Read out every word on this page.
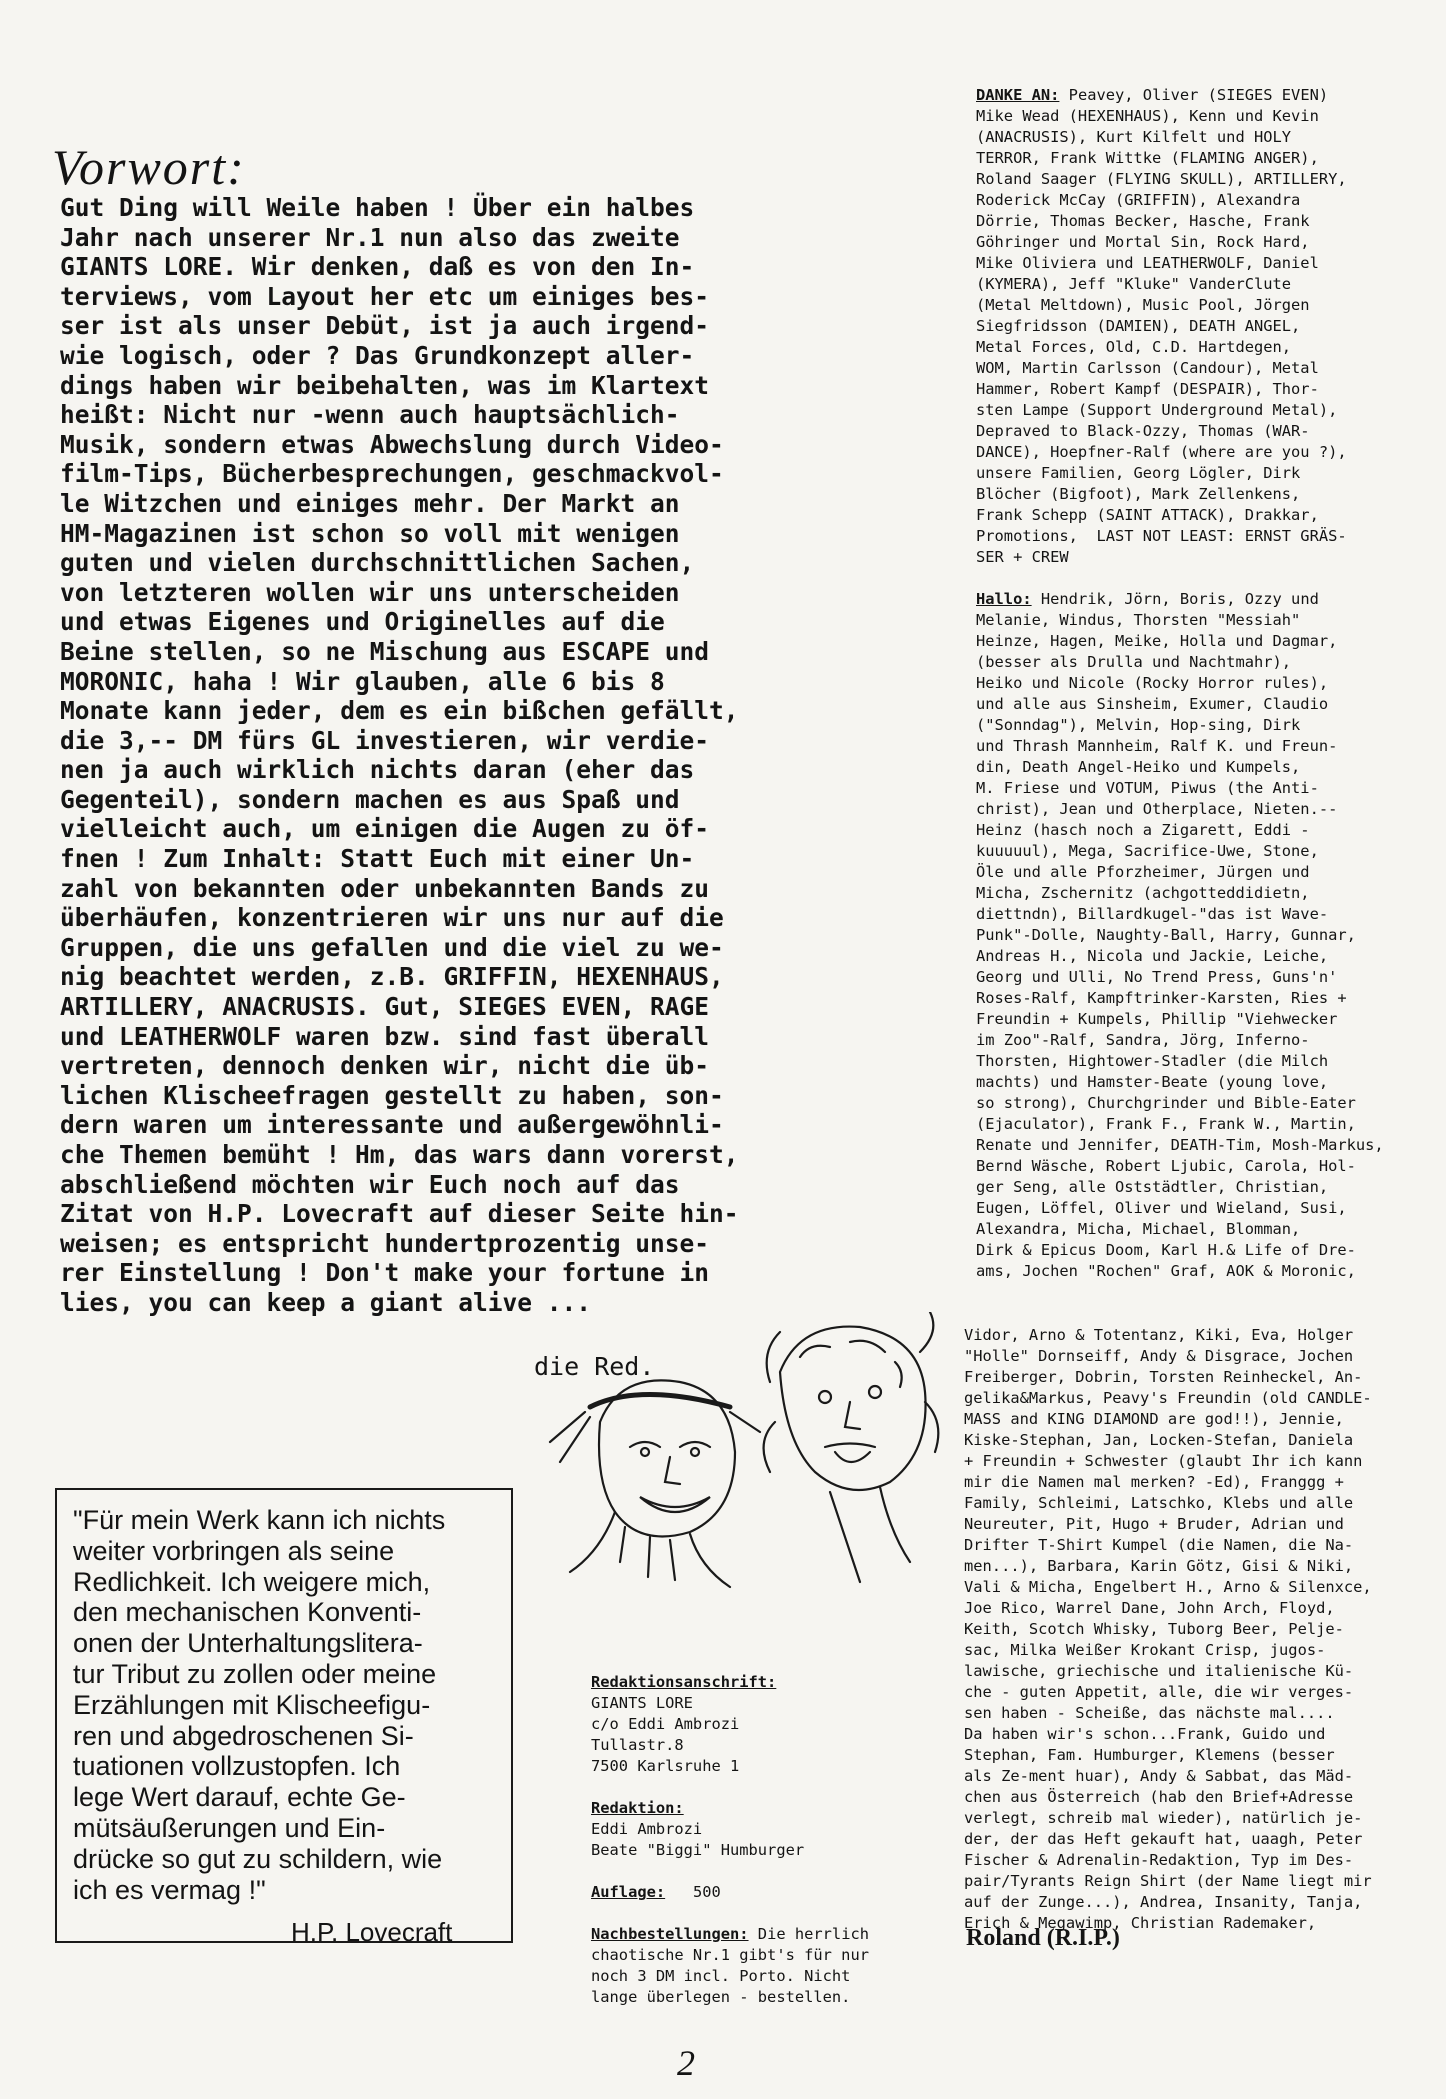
Vorwort:
Gut Ding will Weile haben ! Über ein halbes
Jahr nach unserer Nr.1 nun also das zweite
GIANTS LORE. Wir denken, daß es von den In-
terviews, vom Layout her etc um einiges bes-
ser ist als unser Debüt, ist ja auch irgend-
wie logisch, oder ? Das Grundkonzept aller-
dings haben wir beibehalten, was im Klartext
heißt: Nicht nur -wenn auch hauptsächlich-
Musik, sondern etwas Abwechslung durch Video-
film-Tips, Bücherbesprechungen, geschmackvol-
le Witzchen und einiges mehr. Der Markt an
HM-Magazinen ist schon so voll mit wenigen
guten und vielen durchschnittlichen Sachen,
von letzteren wollen wir uns unterscheiden
und etwas Eigenes und Originelles auf die
Beine stellen, so ne Mischung aus ESCAPE und
MORONIC, haha ! Wir glauben, alle 6 bis 8
Monate kann jeder, dem es ein bißchen gefällt,
die 3,-- DM fürs GL investieren, wir verdie-
nen ja auch wirklich nichts daran (eher das
Gegenteil), sondern machen es aus Spaß und
vielleicht auch, um einigen die Augen zu öf-
fnen ! Zum Inhalt: Statt Euch mit einer Un-
zahl von bekannten oder unbekannten Bands zu
überhäufen, konzentrieren wir uns nur auf die
Gruppen, die uns gefallen und die viel zu we-
nig beachtet werden, z.B. GRIFFIN, HEXENHAUS,
ARTILLERY, ANACRUSIS. Gut, SIEGES EVEN, RAGE
und LEATHERWOLF waren bzw. sind fast überall
vertreten, dennoch denken wir, nicht die üb-
lichen Klischeefragen gestellt zu haben, son-
dern waren um interessante und außergewöhnli-
che Themen bemüht ! Hm, das wars dann vorerst,
abschließend möchten wir Euch noch auf das
Zitat von H.P. Lovecraft auf dieser Seite hin-
weisen; es entspricht hundertprozentig unse-
rer Einstellung ! Don't make your fortune in
lies, you can keep a giant alive ...
die Red.
"Für mein Werk kann ich nichts
weiter vorbringen als seine
Redlichkeit. Ich weigere mich,
den mechanischen Konventi-
onen der Unterhaltungslitera-
tur Tribut zu zollen oder meine
Erzählungen mit Klischeefigu-
ren und abgedroschenen Si-
tuationen vollzustopfen. Ich
lege Wert darauf, echte Ge-
mütsäußerungen und Ein-
drücke so gut zu schildern, wie
ich es vermag !"
H.P. Lovecraft
DANKE AN: Peavey, Oliver (SIEGES EVEN)
Mike Wead (HEXENHAUS), Kenn und Kevin
(ANACRUSIS), Kurt Kilfelt und HOLY
TERROR, Frank Wittke (FLAMING ANGER),
Roland Saager (FLYING SKULL), ARTILLERY,
Roderick McCay (GRIFFIN), Alexandra
Dörrie, Thomas Becker, Hasche, Frank
Göhringer und Mortal Sin, Rock Hard,
Mike Oliviera und LEATHERWOLF, Daniel
(KYMERA), Jeff "Kluke" VanderClute
(Metal Meltdown), Music Pool, Jörgen
Siegfridsson (DAMIEN), DEATH ANGEL,
Metal Forces, Old, C.D. Hartdegen,
WOM, Martin Carlsson (Candour), Metal
Hammer, Robert Kampf (DESPAIR), Thor-
sten Lampe (Support Underground Metal),
Depraved to Black-Ozzy, Thomas (WAR-
DANCE), Hoepfner-Ralf (where are you ?),
unsere Familien, Georg Lögler, Dirk
Blöcher (Bigfoot), Mark Zellenkens,
Frank Schepp (SAINT ATTACK), Drakkar,
Promotions,  LAST NOT LEAST: ERNST GRÄS-
SER + CREW

Hallo: Hendrik, Jörn, Boris, Ozzy und
Melanie, Windus, Thorsten "Messiah"
Heinze, Hagen, Meike, Holla und Dagmar,
(besser als Drulla und Nachtmahr),
Heiko und Nicole (Rocky Horror rules),
und alle aus Sinsheim, Exumer, Claudio
("Sonndag"), Melvin, Hop-sing, Dirk
und Thrash Mannheim, Ralf K. und Freun-
din, Death Angel-Heiko und Kumpels,
M. Friese und VOTUM, Piwus (the Anti-
christ), Jean und Otherplace, Nieten.--
Heinz (hasch noch a Zigarett, Eddi -
kuuuuul), Mega, Sacrifice-Uwe, Stone,
Öle und alle Pforzheimer, Jürgen und
Micha, Zschernitz (achgotteddidietn,
diettndn), Billardkugel-"das ist Wave-
Punk"-Dolle, Naughty-Ball, Harry, Gunnar,
Andreas H., Nicola und Jackie, Leiche,
Georg und Ulli, No Trend Press, Guns'n'
Roses-Ralf, Kampftrinker-Karsten, Ries +
Freundin + Kumpels, Phillip "Viehwecker
im Zoo"-Ralf, Sandra, Jörg, Inferno-
Thorsten, Hightower-Stadler (die Milch
machts) und Hamster-Beate (young love,
so strong), Churchgrinder und Bible-Eater
(Ejaculator), Frank F., Frank W., Martin,
Renate und Jennifer, DEATH-Tim, Mosh-Markus,
Bernd Wäsche, Robert Ljubic, Carola, Hol-
ger Seng, alle Oststädtler, Christian,
Eugen, Löffel, Oliver und Wieland, Susi,
Alexandra, Micha, Michael, Blomman,
Dirk & Epicus Doom, Karl H.& Life of Dre-
ams, Jochen "Rochen" Graf, AOK & Moronic,
Vidor, Arno & Totentanz, Kiki, Eva, Holger
"Holle" Dornseiff, Andy & Disgrace, Jochen
Freiberger, Dobrin, Torsten Reinheckel, An-
gelika&Markus, Peavy's Freundin (old CANDLE-
MASS and KING DIAMOND are god!!), Jennie,
Kiske-Stephan, Jan, Locken-Stefan, Daniela
+ Freundin + Schwester (glaubt Ihr ich kann
mir die Namen mal merken? -Ed), Franggg +
Family, Schleimi, Latschko, Klebs und alle
Neureuter, Pit, Hugo + Bruder, Adrian und
Drifter T-Shirt Kumpel (die Namen, die Na-
men...), Barbara, Karin Götz, Gisi & Niki,
Vali & Micha, Engelbert H., Arno & Silenxce,
Joe Rico, Warrel Dane, John Arch, Floyd,
Keith, Scotch Whisky, Tuborg Beer, Pelje-
sac, Milka Weißer Krokant Crisp, jugos-
lawische, griechische und italienische Kü-
che - guten Appetit, alle, die wir verges-
sen haben - Scheiße, das nächste mal....
Da haben wir's schon...Frank, Guido und
Stephan, Fam. Humburger, Klemens (besser
als Ze-ment huar), Andy & Sabbat, das Mäd-
chen aus Österreich (hab den Brief+Adresse
verlegt, schreib mal wieder), natürlich je-
der, der das Heft gekauft hat, uaagh, Peter
Fischer & Adrenalin-Redaktion, Typ im Des-
pair/Tyrants Reign Shirt (der Name liegt mir
auf der Zunge...), Andrea, Insanity, Tanja,
Erich & Megawimp, Christian Rademaker,
Roland (R.I.P.)
Redaktionsanschrift:
GIANTS LORE
c/o Eddi Ambrozi
Tullastr.8
7500 Karlsruhe 1

Redaktion:
Eddi Ambrozi
Beate "Biggi" Humburger

Auflage: 500

Nachbestellungen: Die herrlich
chaotische Nr.1 gibt's für nur
noch 3 DM incl. Porto. Nicht
lange überlegen - bestellen.
2
